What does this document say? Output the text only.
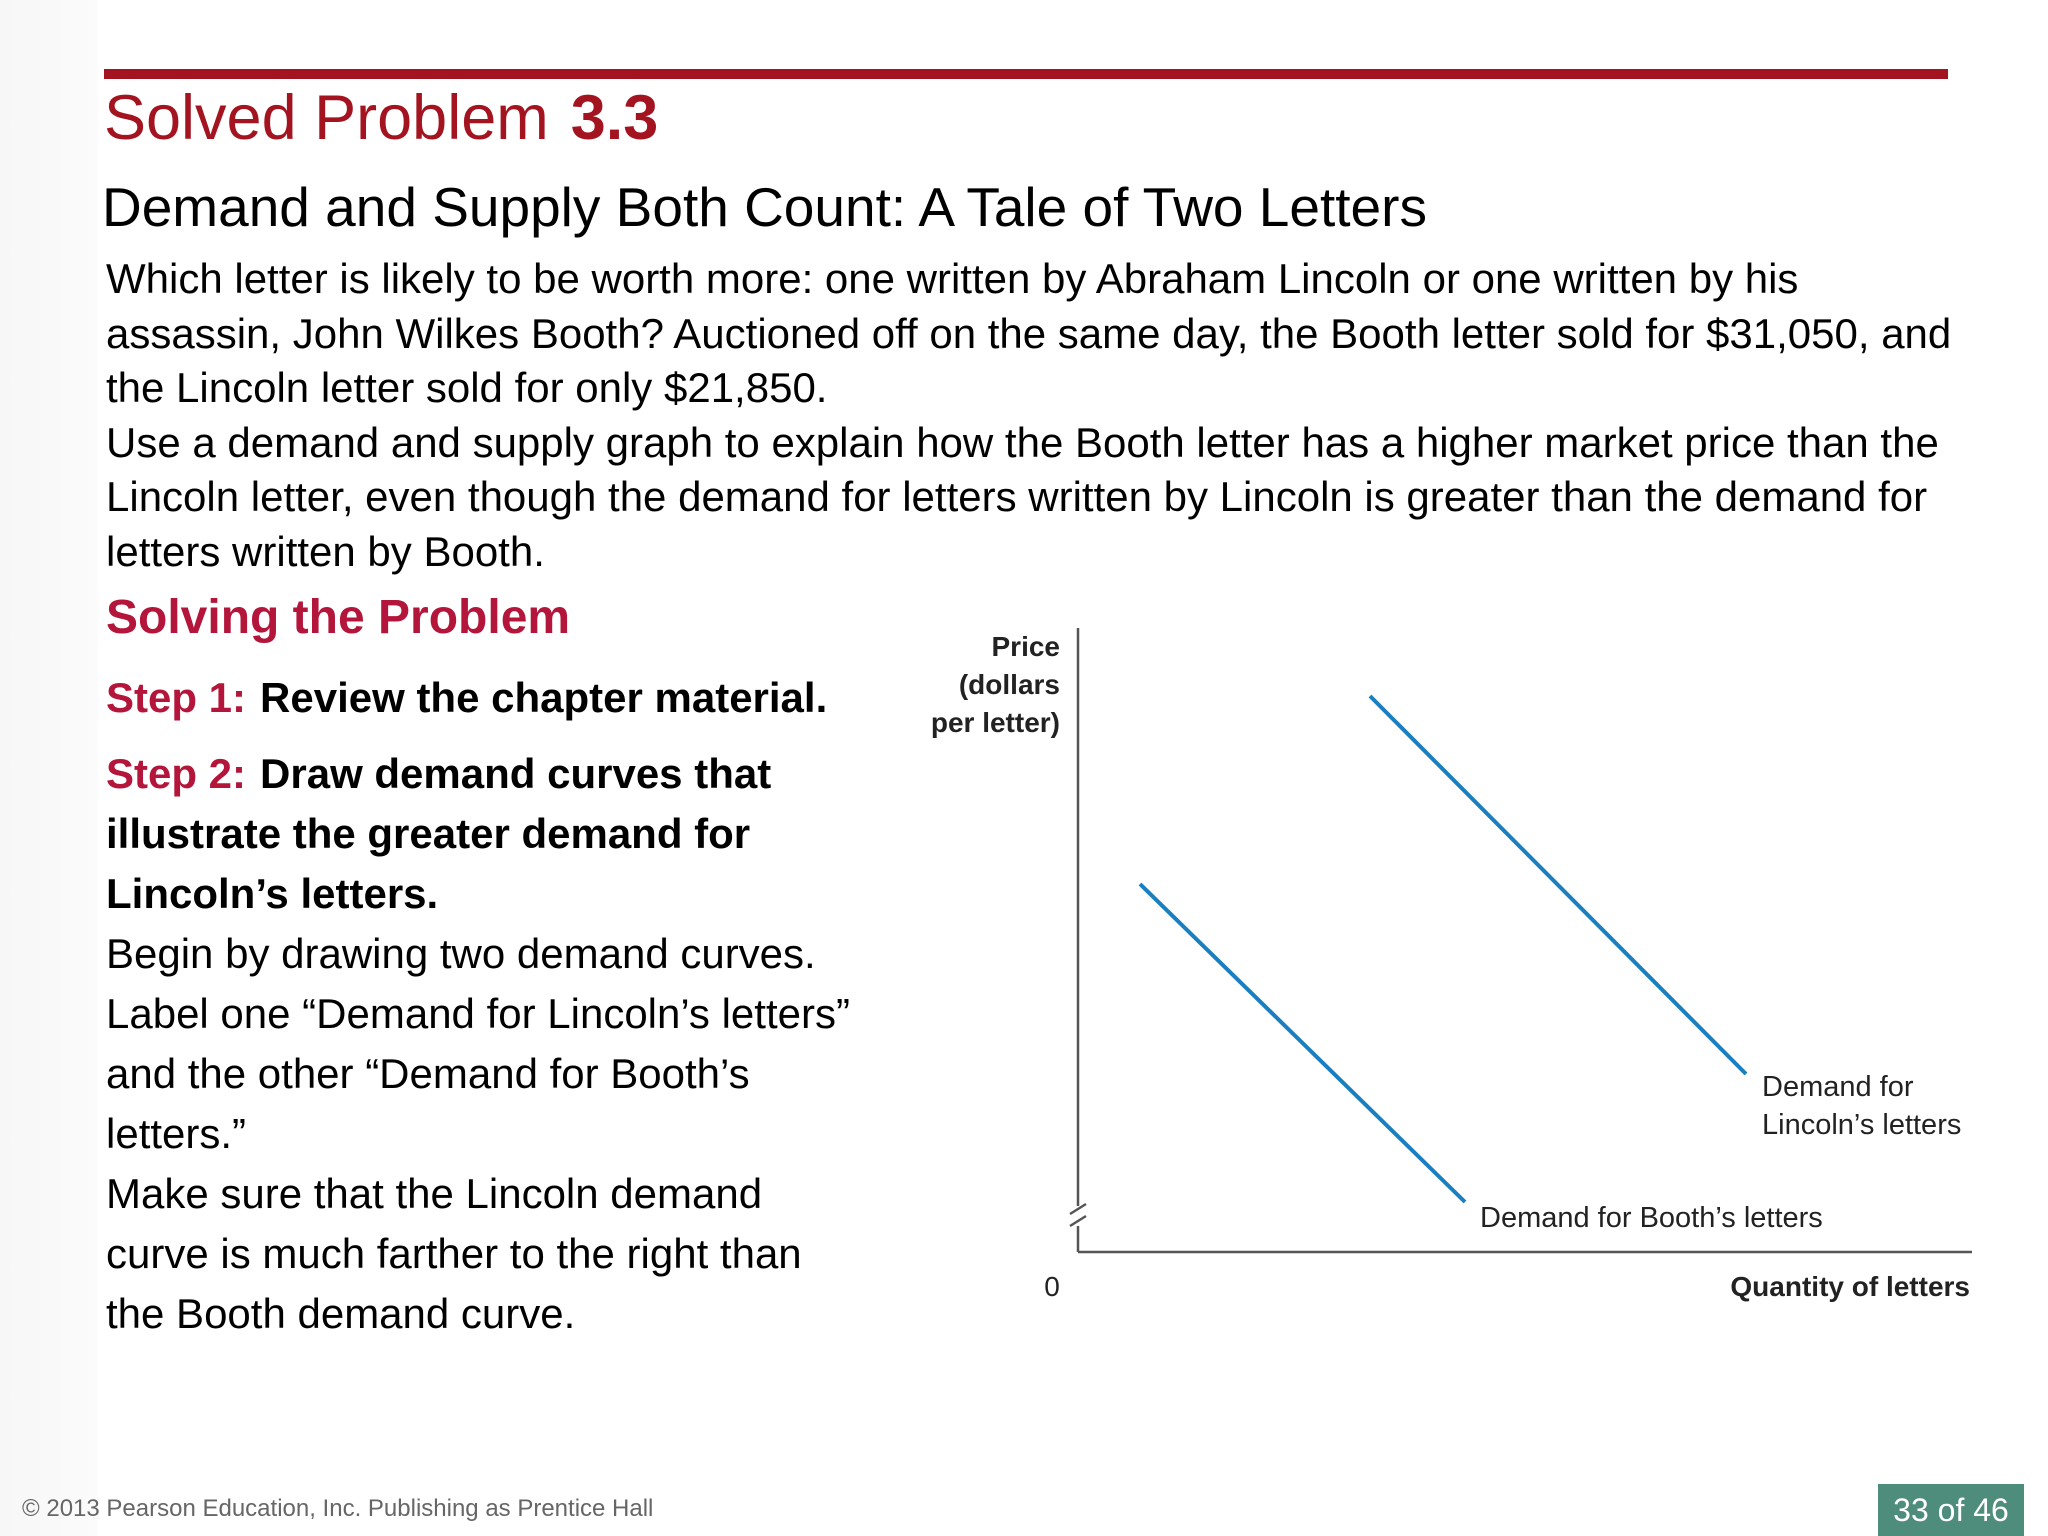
Solved Problem 3.3
Demand and Supply Both Count: A Tale of Two Letters

Which letter is likely to be worth more: one written by Abraham Lincoln or one written by his assassin, John Wilkes Booth? Auctioned off on the same day, the Booth letter sold for $31,050, and the Lincoln letter sold for only $21,850.

Use a demand and supply graph to explain how the Booth letter has a higher market price than the Lincoln letter, even though the demand for letters written by Lincoln is greater than the demand for letters written by Booth.

Solving the Problem

Step 1: Review the chapter material.

Step 2: Draw demand curves that illustrate the greater demand for Lincoln’s letters.

Begin by drawing two demand curves. Label one “Demand for Lincoln’s letters” and the other “Demand for Booth’s letters.”

Make sure that the Lincoln demand curve is much farther to the right than the Booth demand curve.

Price
(dollars
per letter)
Quantity of letters
0
Demand for
Lincoln’s letters
Demand for Booth’s letters
© 2013 Pearson Education, Inc. Publishing as Prentice Hall	33 of 46
